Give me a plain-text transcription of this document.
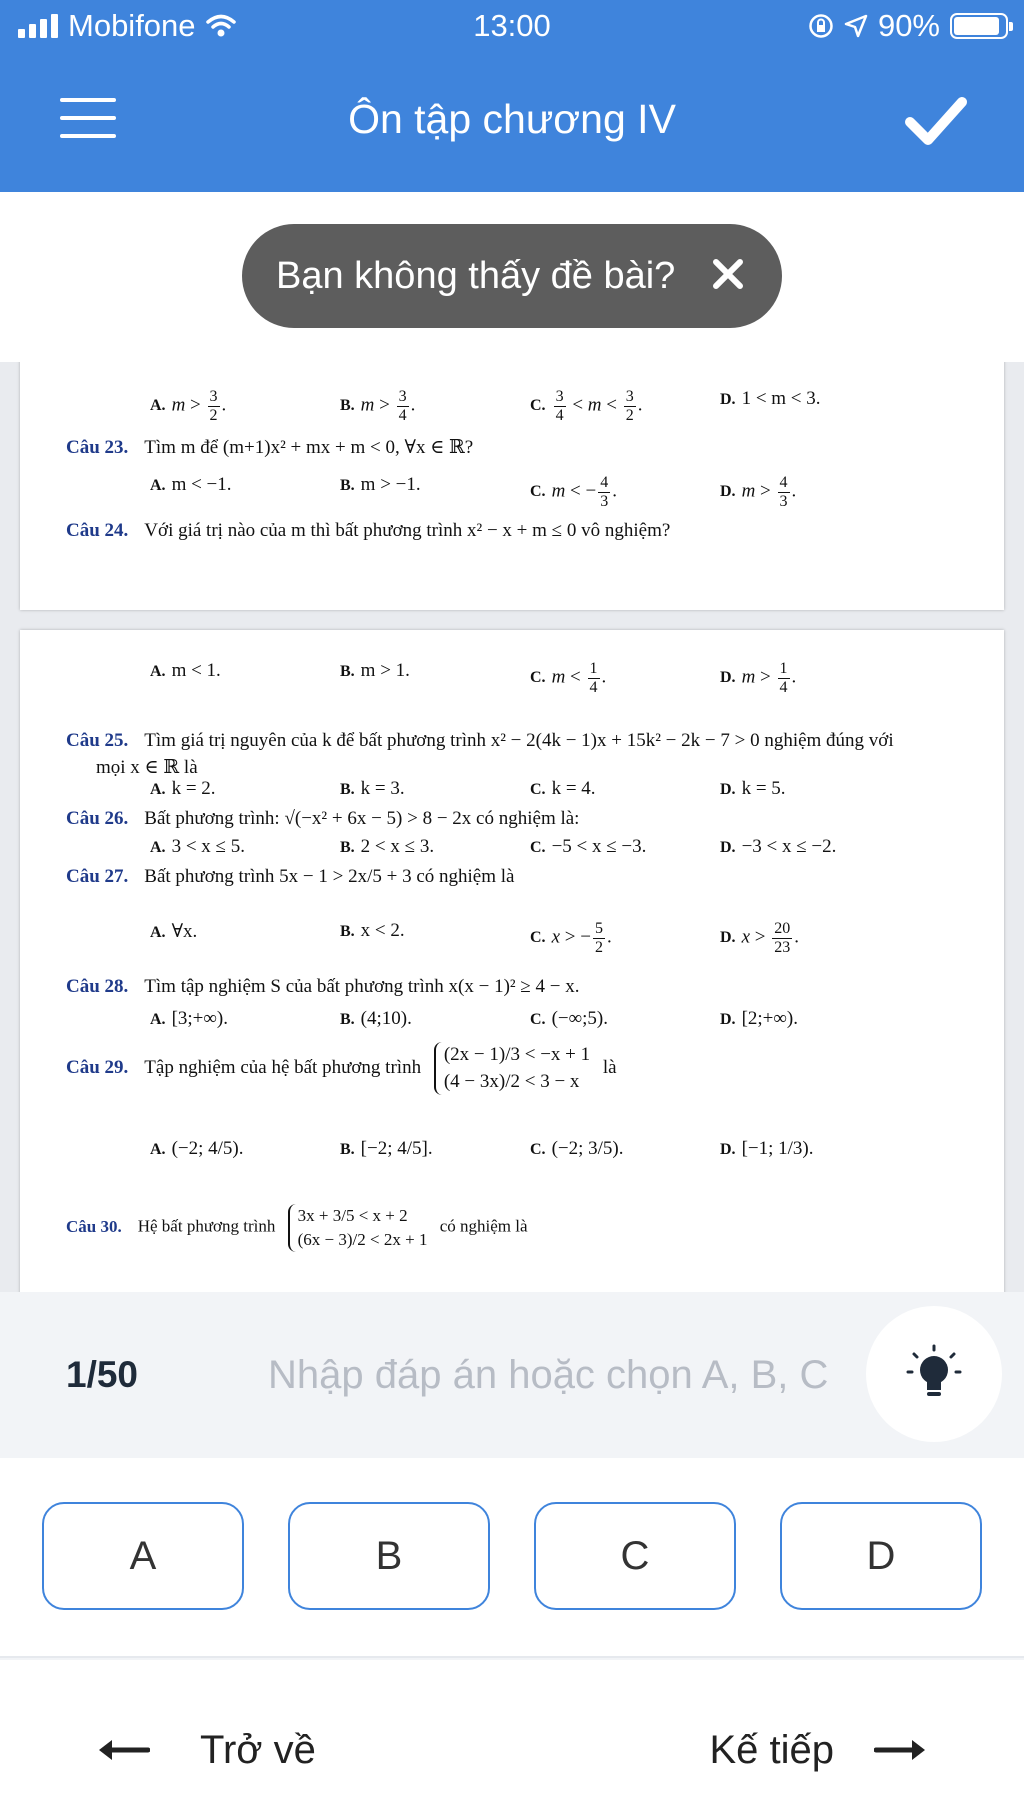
Mobifone	13:00	90%
Ôn tập chương IV
Bạn không thấy đề bài?
A. $m > \frac{3}{2}$ .	B. $m > \frac{3}{4}$ .	C. $\frac{3}{4} < m < \frac{3}{2}$ .	D. 1 < m < 3.
Câu 23. Tìm m để (m+1)x² + mx + m < 0, ∀x ∈ ℝ?
A. m < −1.	B. m > −1.	C. m < − $\frac{4}{3}$ .	D. $m > \frac{4}{3}$ .
Câu 24. Với giá trị nào của m thì bất phương trình x² − x + m ≤ 0 vô nghiệm?
A. m < 1.	B. m > 1.	C. $m < \frac{1}{4}$ .	D. $m > \frac{1}{4}$ .
Câu 25. Tìm giá trị nguyên của k để bất phương trình x² − 2(4k − 1)x + 15k² − 2k − 7 > 0 nghiệm đúng với
mọi x ∈ ℝ là
A. k = 2.	B. k = 3.	C. k = 4.	D. k = 5.
Câu 26. Bất phương trình: √(−x² + 6x − 5) > 8 − 2x có nghiệm là:
A. 3 < x ≤ 5.	B. 2 < x ≤ 3.	C. −5 < x ≤ −3.	D. −3 < x ≤ −2.
Câu 27. Bất phương trình 5x − 1 > 2x/5 + 3 có nghiệm là
A. ∀x.	B. x < 2.	C. x > − $\frac{5}{2}$ .	D. $x > \frac{20}{23}$ .
Câu 28. Tìm tập nghiệm S của bất phương trình x(x − 1)² ≥ 4 − x.
A. [3;+∞).	B. (4;10).	C. (−∞;5).	D. [2;+∞).
Câu 29. Tập nghiệm của hệ bất phương trình
(2x − 1)/3 < −x + 1
(4 − 3x)/2 < 3 − x
là
A. (−2; 4/5).	B. [−2; 4/5].	C. (−2; 3/5).	D. [−1; 1/3).
Câu 30. Hệ bất phương trình
3x + 3/5 < x + 2
(6x − 3)/2 < 2x + 1
có nghiệm là
1/50
Nhập đáp án hoặc chọn A, B, C
A	B	C	D
Trở về	Kế tiếp
